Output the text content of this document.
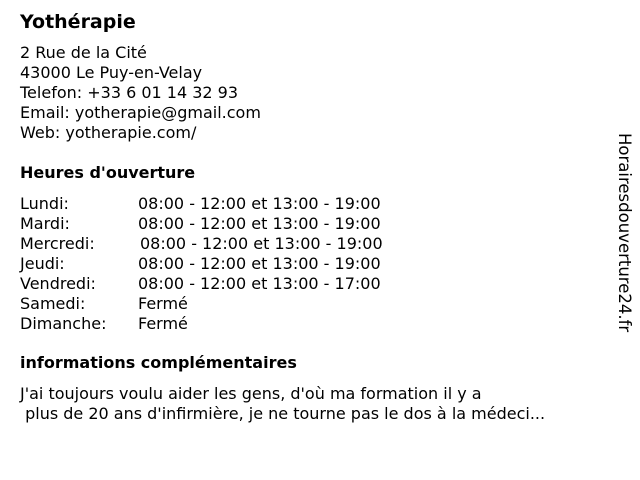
Yothérapie
2 Rue de la Cité
43000 Le Puy-en-Velay
Telefon: +33 6 01 14 32 93
Email: yotherapie@gmail.com
Web: yotherapie.com/
Heures d'ouverture
Lundi:	08:00 - 12:00 et 13:00 - 19:00
Mardi:	08:00 - 12:00 et 13:00 - 19:00
Mercredi:	08:00 - 12:00 et 13:00 - 19:00
Jeudi:	08:00 - 12:00 et 13:00 - 19:00
Vendredi:	08:00 - 12:00 et 13:00 - 17:00
Samedi:	Fermé
Dimanche: Fermé
informations complémentaires
J'ai toujours voulu aider les gens, d'où ma formation il y a
plus de 20 ans d'infirmière, je ne tourne pas le dos à la médeci...
Horairesdouverture24.fr
